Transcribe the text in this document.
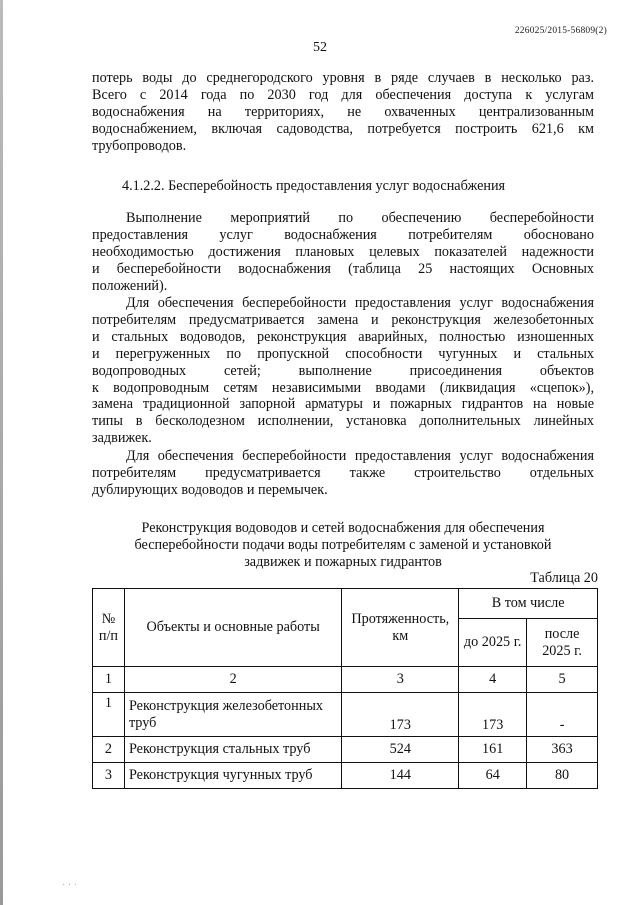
226025/2015-56809(2)
52
потерь воды до среднегородского уровня в ряде случаев в несколько раз.
Всего с 2014 года по 2030 год для обеспечения доступа к услугам
водоснабжения на территориях, не охваченных централизованным
водоснабжением, включая садоводства, потребуется построить 621,6 км
трубопроводов.
4.1.2.2. Бесперебойность предоставления услуг водоснабжения
Выполнение мероприятий по обеспечению бесперебойности
предоставления услуг водоснабжения потребителям обосновано
необходимостью достижения плановых целевых показателей надежности
и бесперебойности водоснабжения (таблица 25 настоящих Основных
положений).
Для обеспечения бесперебойности предоставления услуг водоснабжения
потребителям предусматривается замена и реконструкция железобетонных
и стальных водоводов, реконструкция аварийных, полностью изношенных
и перегруженных по пропускной способности чугунных и стальных
водопроводных сетей; выполнение присоединения объектов
к водопроводным сетям независимыми вводами (ликвидация «сцепок»),
замена традиционной запорной арматуры и пожарных гидрантов на новые
типы в бесколодезном исполнении, установка дополнительных линейных
задвижек.
Для обеспечения бесперебойности предоставления услуг водоснабжения
потребителям предусматривается также строительство отдельных
дублирующих водоводов и перемычек.
Реконструкция водоводов и сетей водоснабжения для обеспечения
бесперебойности подачи воды потребителям с заменой и установкой
задвижек и пожарных гидрантов
Таблица 20
№ п/п	Объекты и основные работы	Протяженность, км	В том числе	
			до 2025 г.	после 2025 г.
1	2	3	4	5
1	Реконструкция железобетонных труб	173	173	-
2	Реконструкция стальных труб	524	161	363
3	Реконструкция чугунных труб	144	64	80
· · ·
